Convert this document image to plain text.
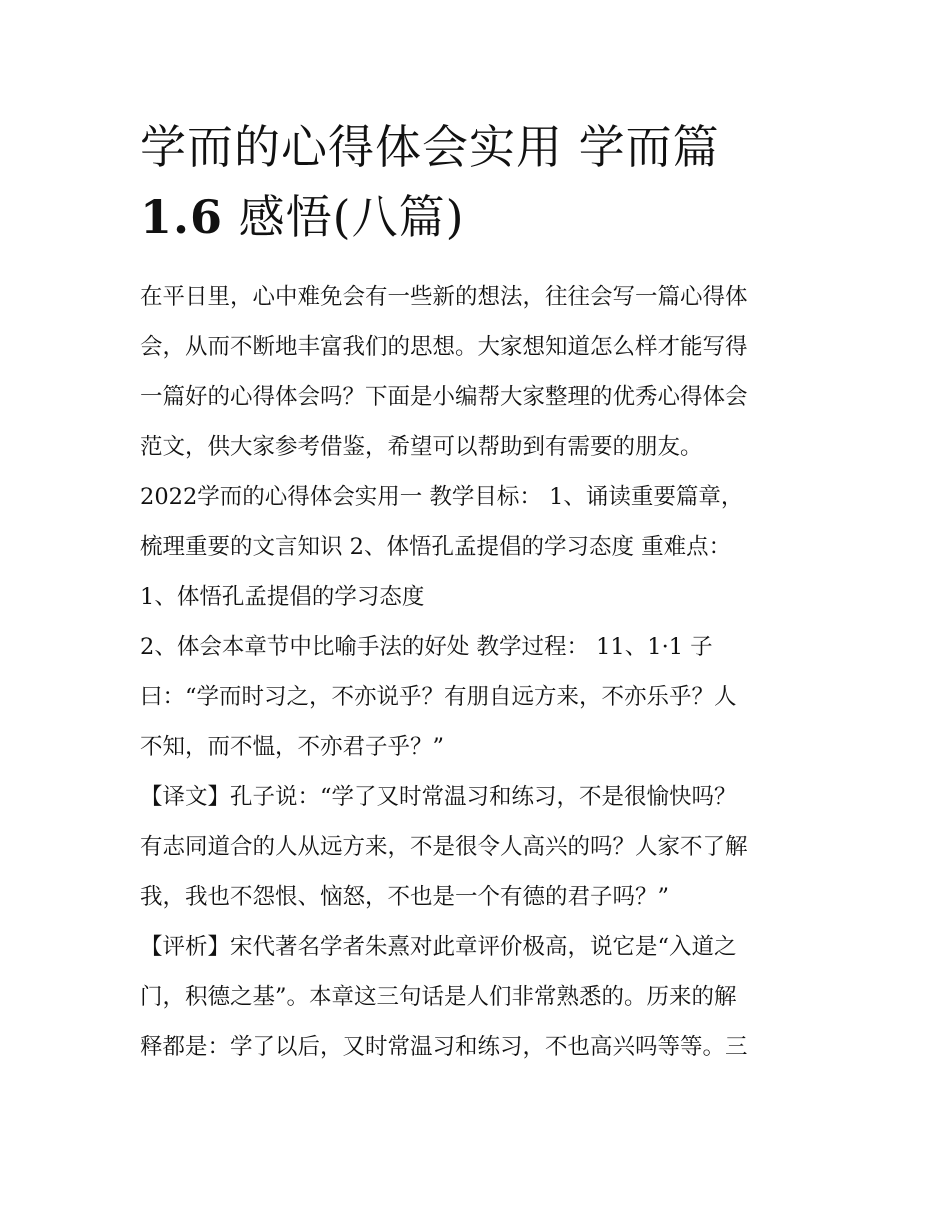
学而的心得体会实用 学而篇
1.6 感悟(八篇)

在平日里，心中难免会有一些新的想法，往往会写一篇心得体
会，从而不断地丰富我们的思想。大家想知道怎么样才能写得
一篇好的心得体会吗？下面是小编帮大家整理的优秀心得体会
范文，供大家参考借鉴，希望可以帮助到有需要的朋友。
2022学而的心得体会实用一 教学目标： 1、诵读重要篇章，
梳理重要的文言知识 2、体悟孔孟提倡的学习态度 重难点：
1、体悟孔孟提倡的学习态度
2、体会本章节中比喻手法的好处 教学过程： 11、1·1 子
曰：“学而时习之，不亦说乎？有朋自远方来，不亦乐乎？人
不知，而不愠，不亦君子乎？”
【译文】孔子说：“学了又时常温习和练习，不是很愉快吗？
有志同道合的人从远方来，不是很令人高兴的吗？人家不了解
我，我也不怨恨、恼怒，不也是一个有德的君子吗？”
【评析】宋代著名学者朱熹对此章评价极高，说它是“入道之
门，积德之基”。本章这三句话是人们非常熟悉的。历来的解
释都是：学了以后，又时常温习和练习，不也高兴吗等等。三
